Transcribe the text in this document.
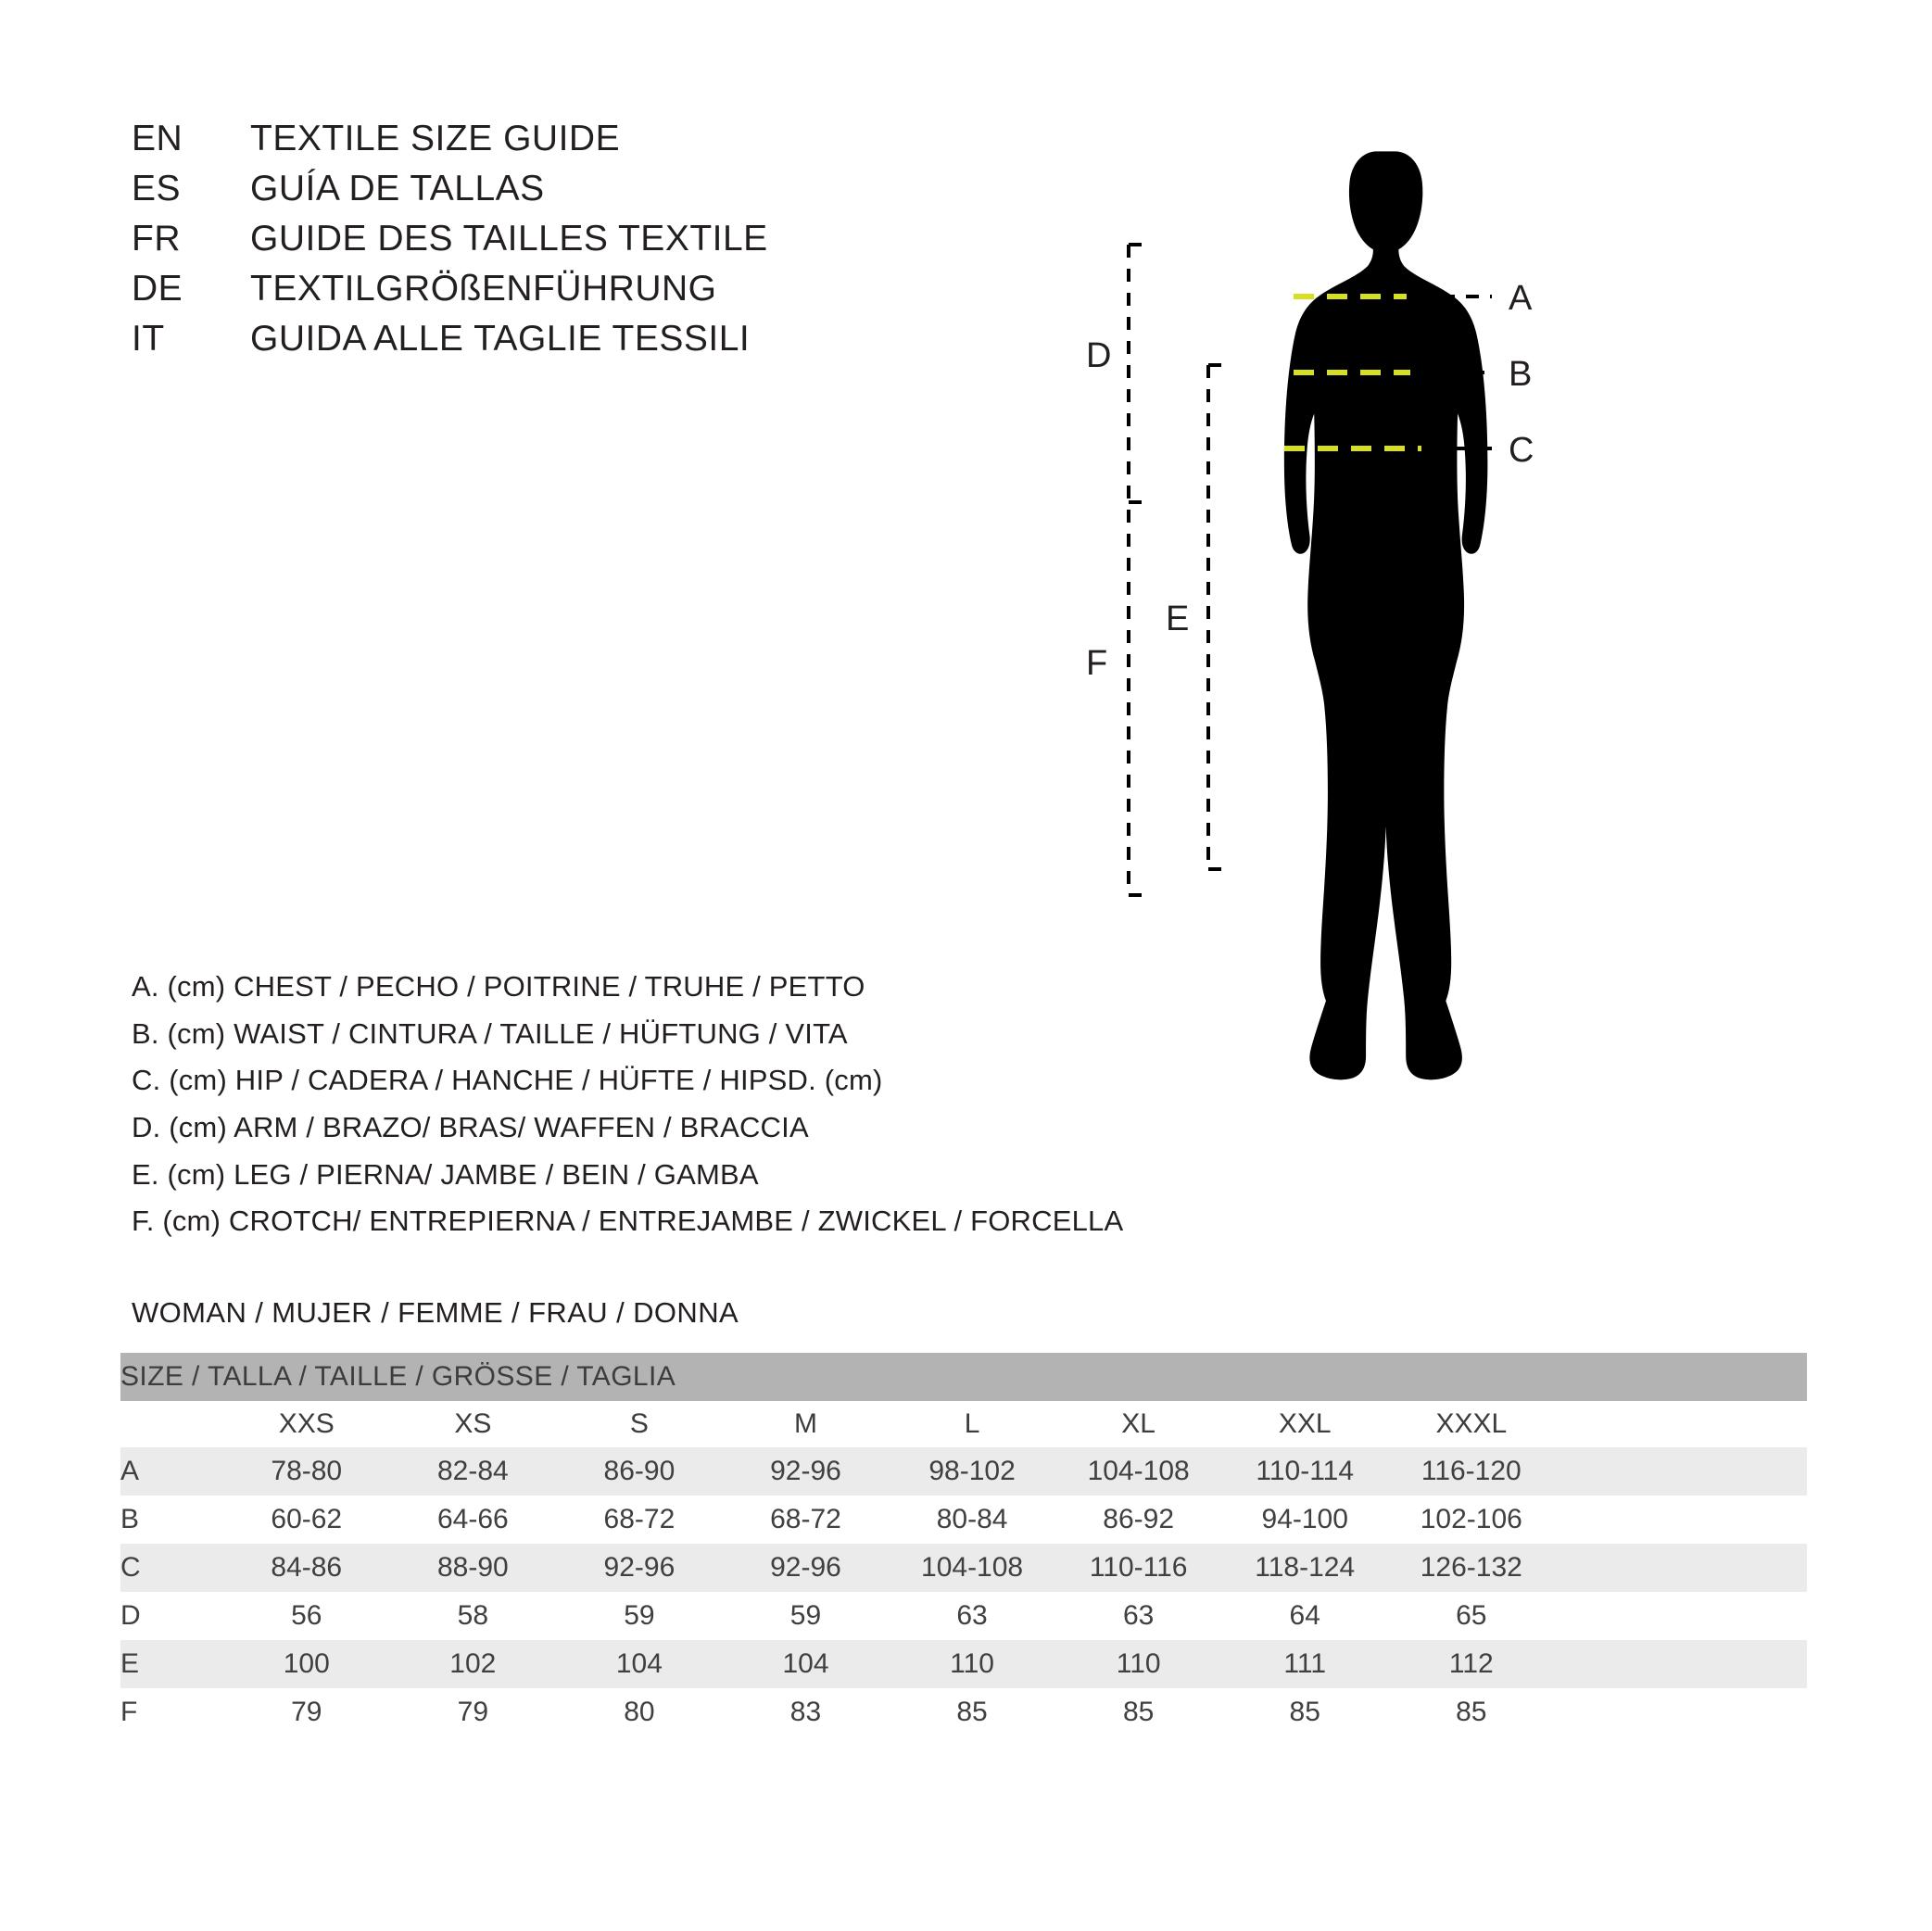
EN	TEXTILE SIZE GUIDE
ES	GUÍA DE TALLAS
FR	GUIDE DES TAILLES TEXTILE
DE	TEXTILGRÖßENFÜHRUNG
IT	GUIDA ALLE TAGLIE TESSILI
A
B
C
D
E
F
A. (cm) CHEST / PECHO / POITRINE / TRUHE / PETTO
B. (cm) WAIST / CINTURA / TAILLE / HÜFTUNG / VITA
C. (cm) HIP / CADERA / HANCHE / HÜFTE / HIPSD. (cm)
D. (cm) ARM / BRAZO/ BRAS/ WAFFEN / BRACCIA
E. (cm) LEG / PIERNA/ JAMBE / BEIN / GAMBA
F. (cm) CROTCH/ ENTREPIERNA / ENTREJAMBE / ZWICKEL / FORCELLA
WOMAN / MUJER / FEMME / FRAU / DONNA
SIZE / TALLA / TAILLE / GRÖSSE / TAGLIA									
	XXS	XS	S	M	L	XL	XXL	XXXL	
A	78-80	82-84	86-90	92-96	98-102	104-108	110-114	116-120	
B	60-62	64-66	68-72	68-72	80-84	86-92	94-100	102-106	
C	84-86	88-90	92-96	92-96	104-108	110-116	118-124	126-132	
D	56	58	59	59	63	63	64	65	
E	100	102	104	104	110	110	111	112	
F	79	79	80	83	85	85	85	85	
